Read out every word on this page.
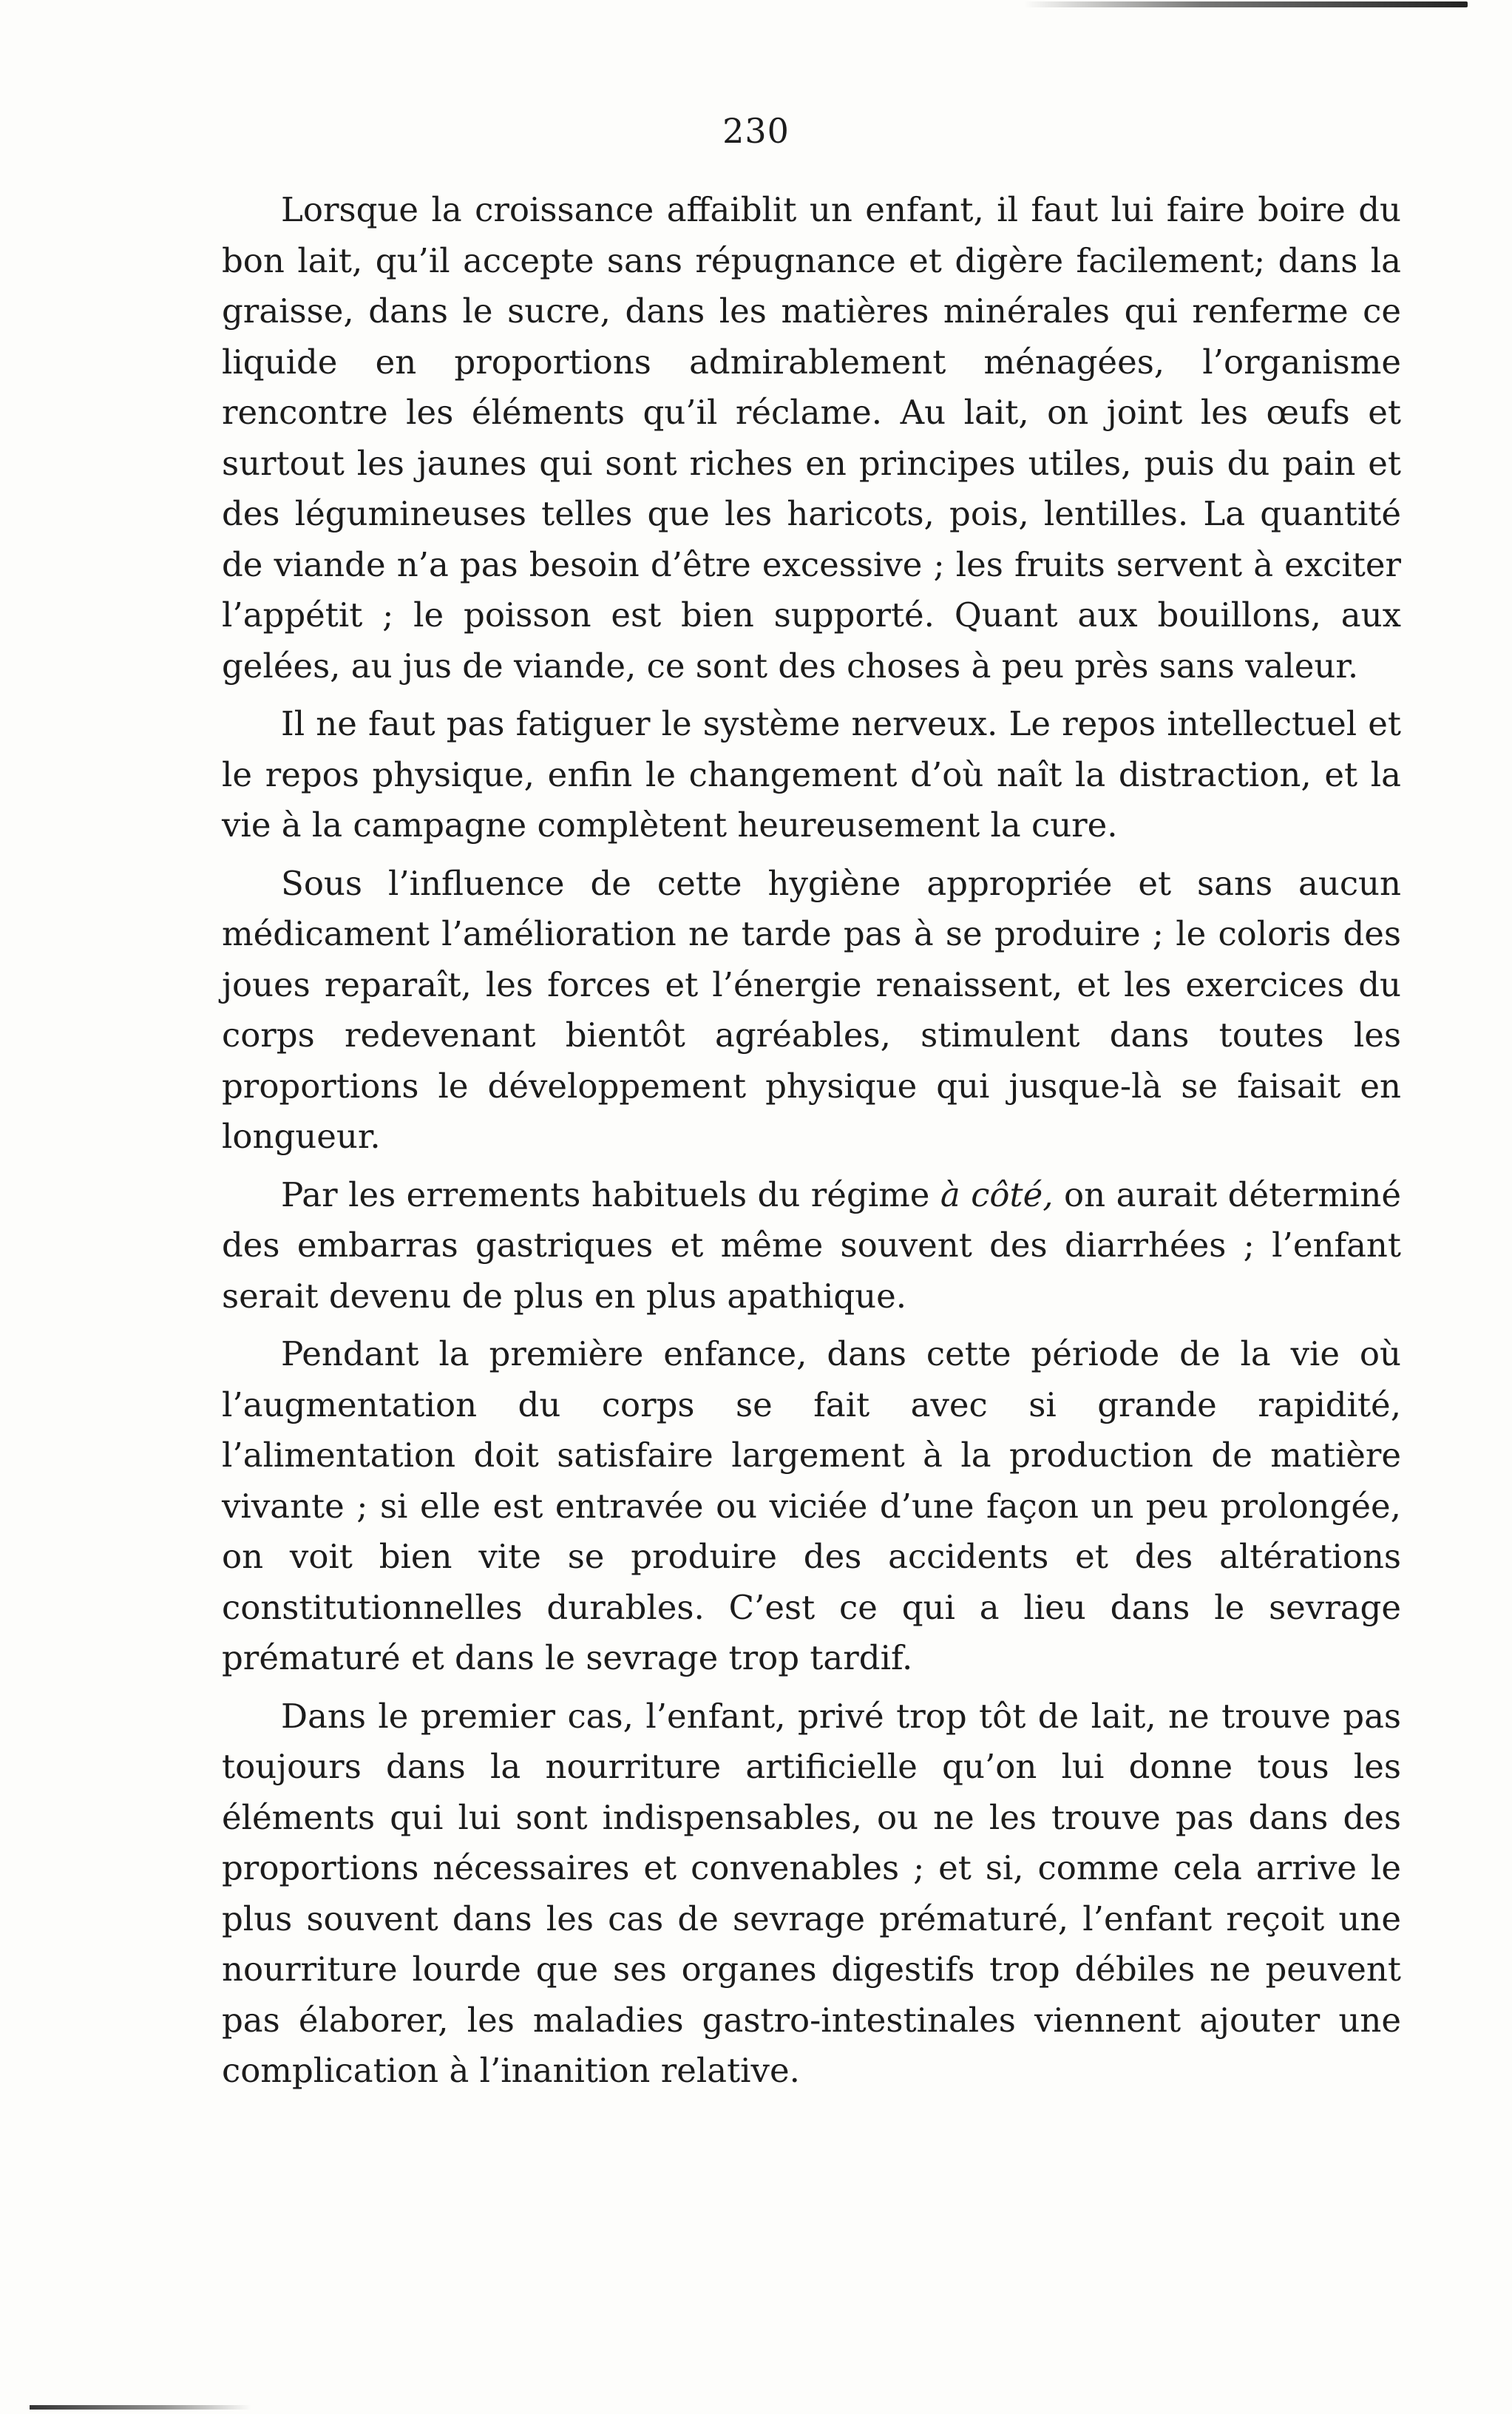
230

Lorsque la croissance affaiblit un enfant, il faut lui faire boire du bon lait, qu’il accepte sans répugnance et digère facilement; dans la graisse, dans le sucre, dans les matières minérales qui renferme ce liquide en proportions admirablement ménagées, l’organisme rencontre les éléments qu’il réclame. Au lait, on joint les œufs et surtout les jaunes qui sont riches en principes utiles, puis du pain et des légumineuses telles que les haricots, pois, lentilles. La quantité de viande n’a pas besoin d’être excessive ; les fruits servent à exciter l’appétit ; le poisson est bien supporté. Quant aux bouillons, aux gelées, au jus de viande, ce sont des choses à peu près sans valeur.

Il ne faut pas fatiguer le système nerveux. Le repos intellectuel et le repos physique, enfin le changement d’où naît la distraction, et la vie à la campagne complètent heureusement la cure.

Sous l’influence de cette hygiène appropriée et sans aucun médicament l’amélioration ne tarde pas à se produire ; le coloris des joues reparaît, les forces et l’énergie renaissent, et les exercices du corps redevenant bientôt agréables, stimulent dans toutes les proportions le développement physique qui jusque-là se faisait en longueur.

Par les errements habituels du régime à côté, on aurait déterminé des embarras gastriques et même souvent des diarrhées ; l’enfant serait devenu de plus en plus apathique.

Pendant la première enfance, dans cette période de la vie où l’augmentation du corps se fait avec si grande rapidité, l’alimentation doit satisfaire largement à la production de matière vivante ; si elle est entravée ou viciée d’une façon un peu prolongée, on voit bien vite se produire des accidents et des altérations constitutionnelles durables. C’est ce qui a lieu dans le sevrage prématuré et dans le sevrage trop tardif.

Dans le premier cas, l’enfant, privé trop tôt de lait, ne trouve pas toujours dans la nourriture artificielle qu’on lui donne tous les éléments qui lui sont indispensables, ou ne les trouve pas dans des proportions nécessaires et convenables ; et si, comme cela arrive le plus souvent dans les cas de sevrage prématuré, l’enfant reçoit une nourriture lourde que ses organes digestifs trop débiles ne peuvent pas élaborer, les maladies gastro-intestinales viennent ajouter une complication à l’inanition relative.
